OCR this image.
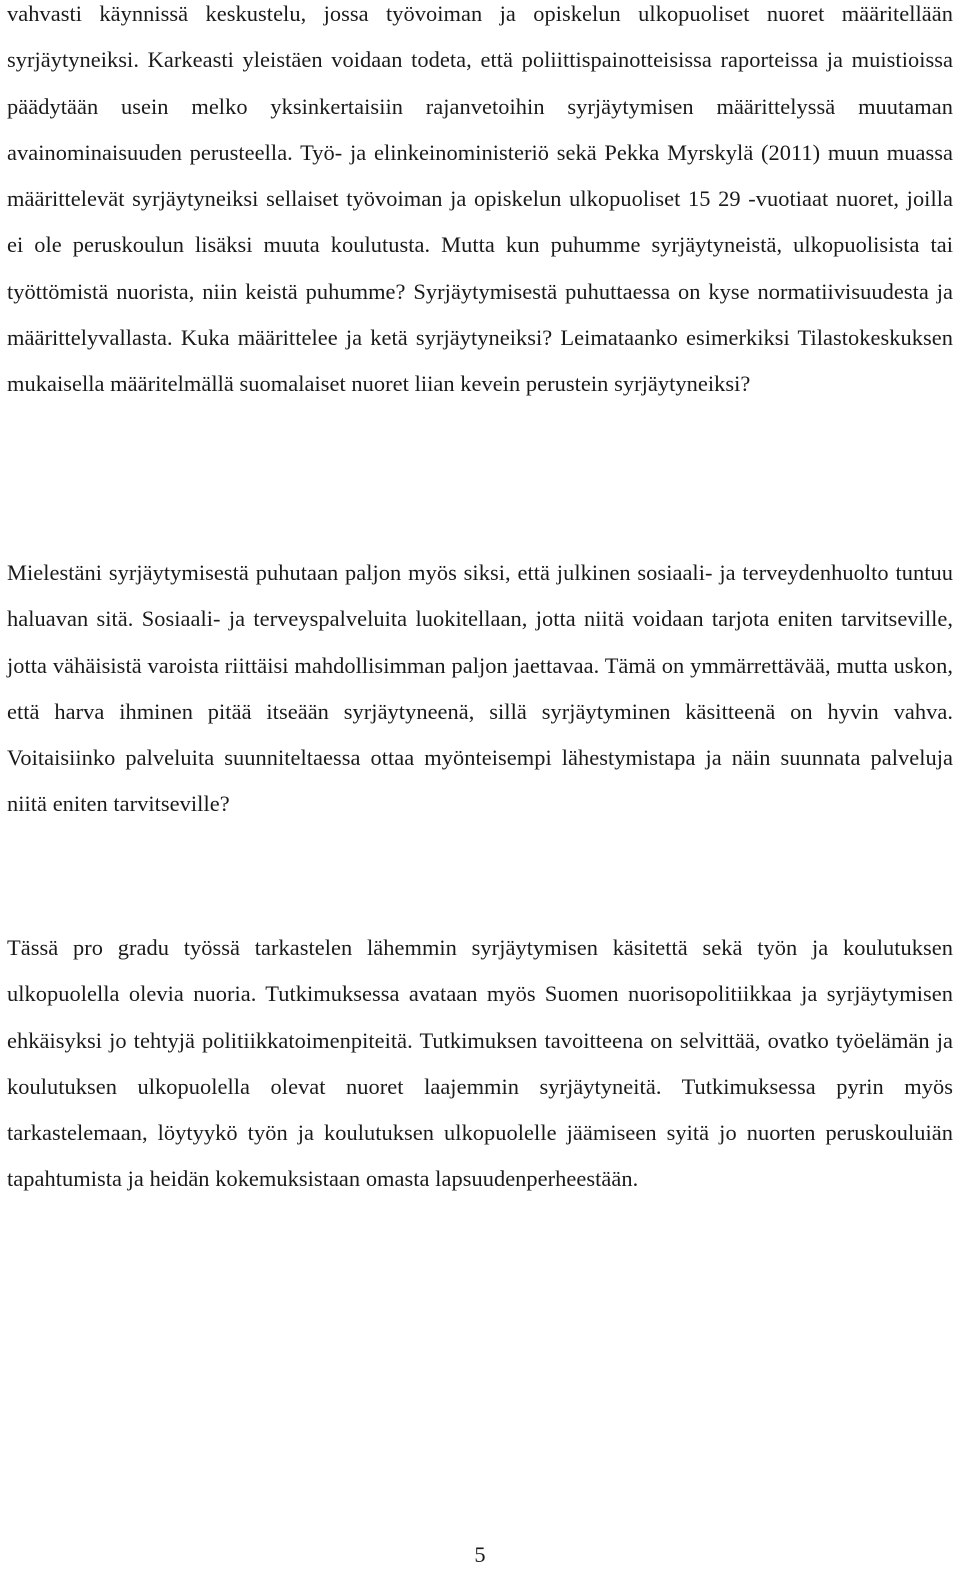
vahvasti käynnissä keskustelu, jossa työvoiman ja opiskelun ulkopuoliset nuoret määritellään syrjäytyneiksi. Karkeasti yleistäen voidaan todeta, että poliittispainotteisissa raporteissa ja muistioissa päädytään usein melko yksinkertaisiin rajanvetoihin syrjäytymisen määrittelyssä muutaman avainominaisuuden perusteella. Työ- ja elinkeinoministeriö sekä Pekka Myrskylä (2011) muun muassa määrittelevät syrjäytyneiksi sellaiset työvoiman ja opiskelun ulkopuoliset 15 29 -vuotiaat nuoret, joilla ei ole peruskoulun lisäksi muuta koulutusta. Mutta kun puhumme syrjäytyneistä, ulkopuolisista tai työttömistä nuorista, niin keistä puhumme? Syrjäytymisestä puhuttaessa on kyse normatiivisuudesta ja määrittelyvallasta. Kuka määrittelee ja ketä syrjäytyneiksi? Leimataanko esimerkiksi Tilastokeskuksen mukaisella määritelmällä suomalaiset nuoret liian kevein perustein syrjäytyneiksi?

Mielestäni syrjäytymisestä puhutaan paljon myös siksi, että julkinen sosiaali- ja terveydenhuolto tuntuu haluavan sitä. Sosiaali- ja terveyspalveluita luokitellaan, jotta niitä voidaan tarjota eniten tarvitseville, jotta vähäisistä varoista riittäisi mahdollisimman paljon jaettavaa. Tämä on ymmärrettävää, mutta uskon, että harva ihminen pitää itseään syrjäytyneenä, sillä syrjäytyminen käsitteenä on hyvin vahva. Voitaisiinko palveluita suunniteltaessa ottaa myönteisempi lähestymistapa ja näin suunnata palveluja niitä eniten tarvitseville?

Tässä pro gradu työssä tarkastelen lähemmin syrjäytymisen käsitettä sekä työn ja koulutuksen ulkopuolella olevia nuoria. Tutkimuksessa avataan myös Suomen nuorisopolitiikkaa ja syrjäytymisen ehkäisyksi jo tehtyjä politiikkatoimenpiteitä. Tutkimuksen tavoitteena on selvittää, ovatko työelämän ja koulutuksen ulkopuolella olevat nuoret laajemmin syrjäytyneitä. Tutkimuksessa pyrin myös tarkastelemaan, löytyykö työn ja koulutuksen ulkopuolelle jäämiseen syitä jo nuorten peruskouluiän tapahtumista ja heidän kokemuksistaan omasta lapsuudenperheestään.

5
